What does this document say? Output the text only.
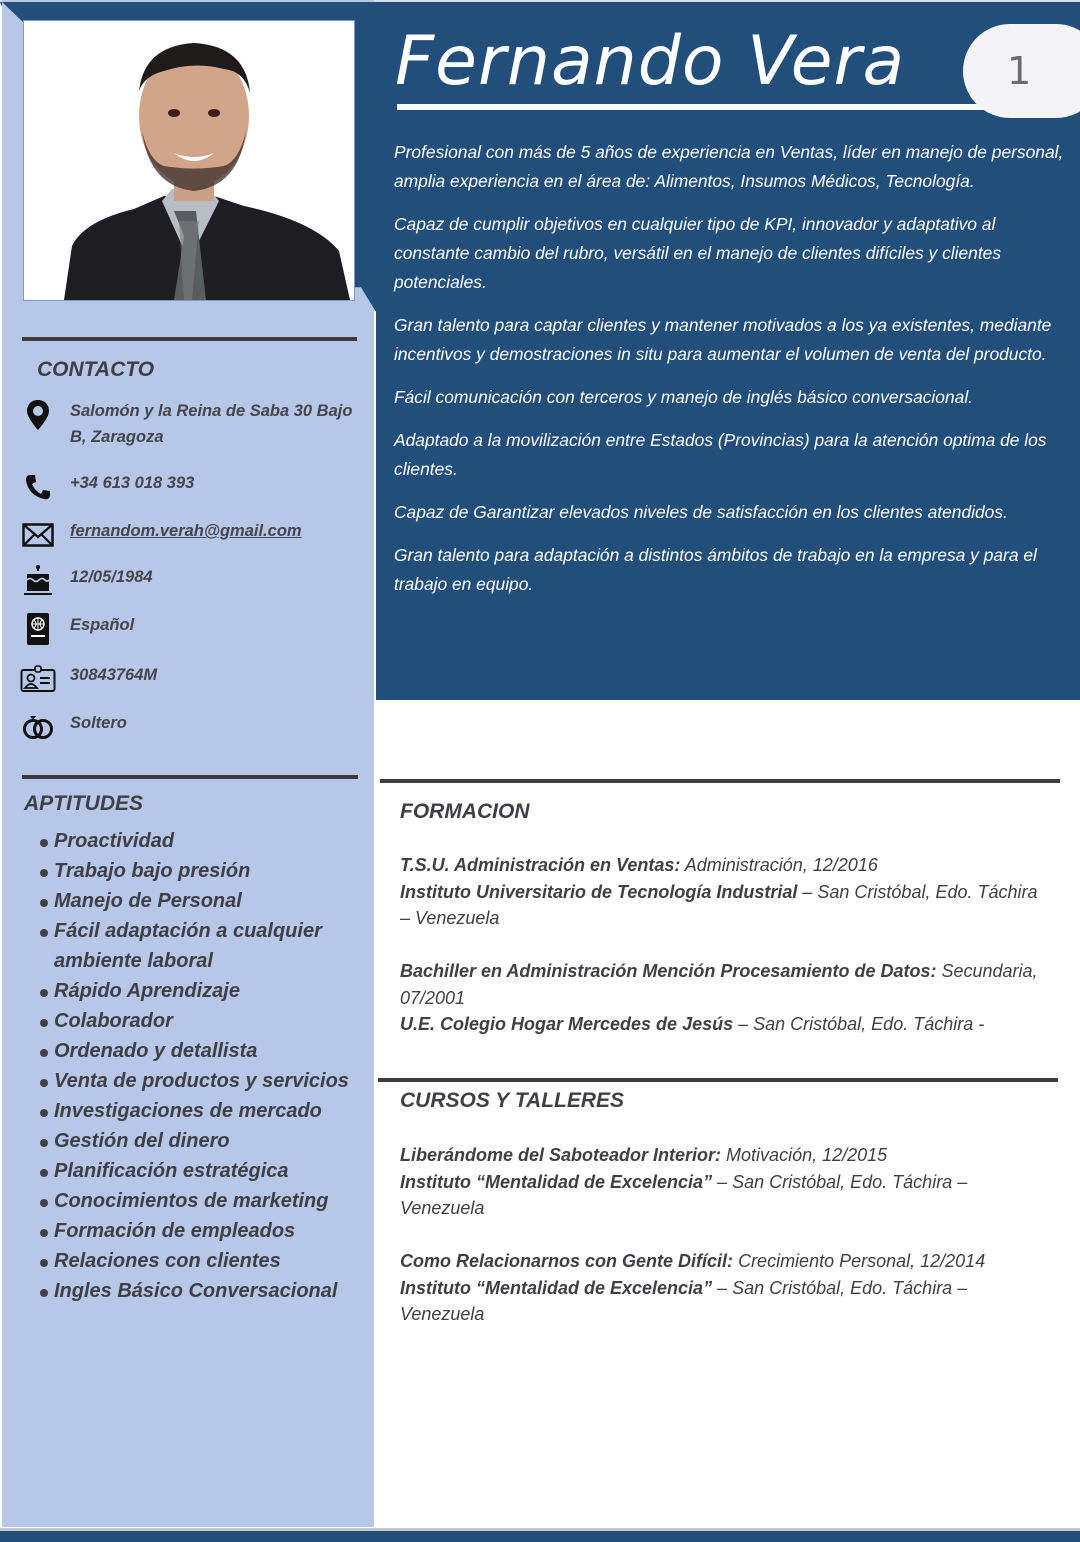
Fernando Vera	1

Profesional con más de 5 años de experiencia en Ventas, líder en manejo de personal, amplia experiencia en el área de: Alimentos, Insumos Médicos, Tecnología.

Capaz de cumplir objetivos en cualquier tipo de KPI, innovador y adaptativo al constante cambio del rubro, versátil en el manejo de clientes difíciles y clientes potenciales.

Gran talento para captar clientes y mantener motivados a los ya existentes, mediante incentivos y demostraciones in situ para aumentar el volumen de venta del producto.

Fácil comunicación con terceros y manejo de inglés básico conversacional.

Adaptado a la movilización entre Estados (Provincias) para la atención optima de los clientes.

Capaz de Garantizar elevados niveles de satisfacción en los clientes atendidos.

Gran talento para adaptación a distintos ámbitos de trabajo en la empresa y para el trabajo en equipo.

CONTACTO
Salomón y la Reina de Saba 30 Bajo B, Zaragoza
+34 613 018 393
fernandom.verah@gmail.com
12/05/1984
Español
30843764M
Soltero
APTITUDES
Proactividad
Trabajo bajo presión
Manejo de Personal
Fácil adaptación a cualquier ambiente laboral
Rápido Aprendizaje
Colaborador
Ordenado y detallista
Venta de productos y servicios
Investigaciones de mercado
Gestión del dinero
Planificación estratégica
Conocimientos de marketing
Formación de empleados
Relaciones con clientes
Ingles Básico Conversacional
FORMACION
T.S.U. Administración en Ventas: Administración, 12/2016
Instituto Universitario de Tecnología Industrial – San Cristóbal, Edo. Táchira – Venezuela
Bachiller en Administración Mención Procesamiento de Datos: Secundaria, 07/2001
U.E. Colegio Hogar Mercedes de Jesús – San Cristóbal, Edo. Táchira -
CURSOS Y TALLERES
Liberándome del Saboteador Interior: Motivación, 12/2015
Instituto “Mentalidad de Excelencia” – San Cristóbal, Edo. Táchira – Venezuela
Como Relacionarnos con Gente Difícil: Crecimiento Personal, 12/2014
Instituto “Mentalidad de Excelencia” – San Cristóbal, Edo. Táchira – Venezuela
